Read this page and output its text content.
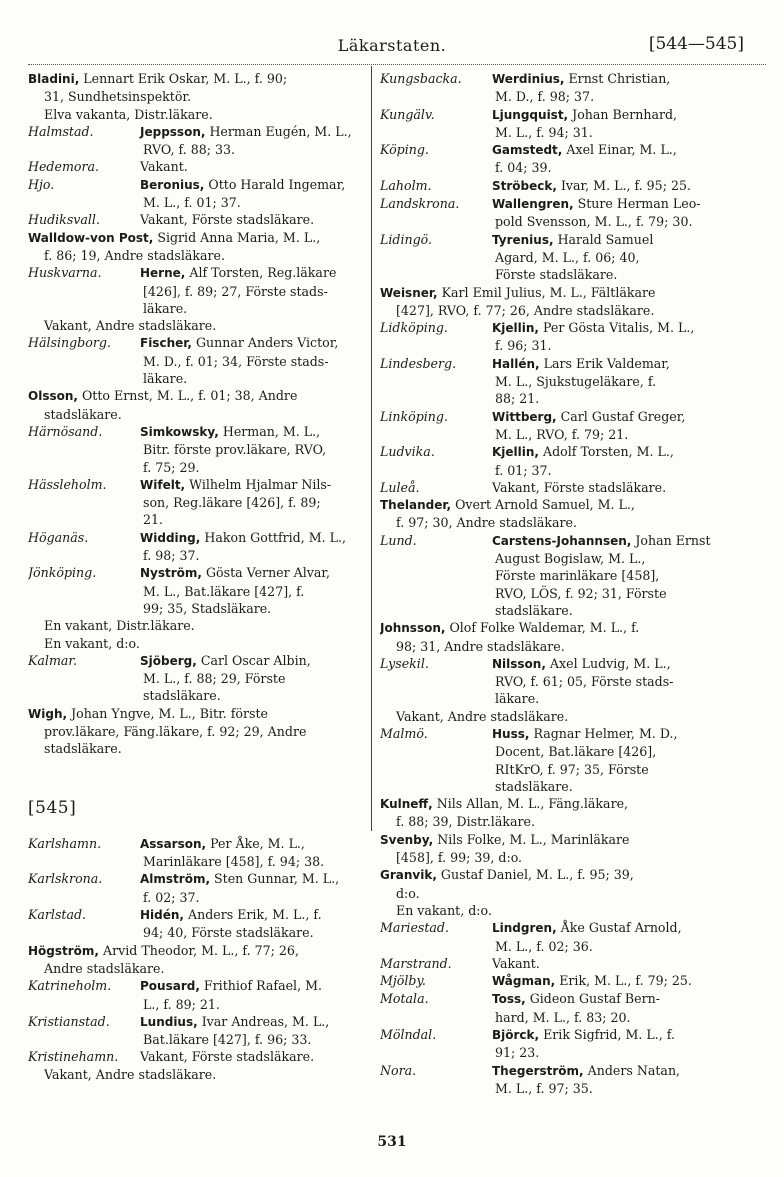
Läkarstaten.	[544—545]
Bladini, Lennart Erik Oskar, M. L., f. 90;
31, Sundhetsinspektör.
Elva vakanta, Distr.läkare.
Halmstad.	Jeppsson, Herman Eugén, M. L.,
RVO, f. 88; 33.
Hedemora.	Vakant.
Hjo.	Beronius, Otto Harald Ingemar,
M. L., f. 01; 37.
Hudiksvall.	Vakant, Förste stadsläkare.
Walldow-von Post, Sigrid Anna Maria, M. L.,
f. 86; 19, Andre stadsläkare.
Huskvarna.	Herne, Alf Torsten, Reg.läkare
[426], f. 89; 27, Förste stads-
läkare.
Vakant, Andre stadsläkare.
Hälsingborg. Fischer, Gunnar Anders Victor,
M. D., f. 01; 34, Förste stads-
läkare.
Olsson, Otto Ernst, M. L., f. 01; 38, Andre
stadsläkare.
Härnösand.	Simkowsky, Herman, M. L.,
Bitr. förste prov.läkare, RVO,
f. 75; 29.
Hässleholm.	Wifelt, Wilhelm Hjalmar Nils-
son, Reg.läkare [426], f. 89;
21.
Höganäs.	Widding, Hakon Gottfrid, M. L.,
f. 98; 37.
Jönköping.	Nyström, Gösta Verner Alvar,
M. L., Bat.läkare [427], f.
99; 35, Stadsläkare.
En vakant, Distr.läkare.
En vakant, d:o.
Kalmar.	Sjöberg, Carl Oscar Albin,
M. L., f. 88; 29, Förste
stadsläkare.
Wigh, Johan Yngve, M. L., Bitr. förste
prov.läkare, Fäng.läkare, f. 92; 29, Andre
stadsläkare.
[545]
Karlshamn.	Assarson, Per Åke, M. L.,
Marinläkare [458], f. 94; 38.
Karlskrona.	Almström, Sten Gunnar, M. L.,
f. 02; 37.
Karlstad.	Hidén, Anders Erik, M. L., f.
94; 40, Förste stadsläkare.
Högström, Arvid Theodor, M. L., f. 77; 26,
Andre stadsläkare.
Katrineholm. Pousard, Frithiof Rafael, M.
L., f. 89; 21.
Kristianstad.	Lundius, Ivar Andreas, M. L.,
Bat.läkare [427], f. 96; 33.
Kristinehamn. Vakant, Förste stadsläkare.
Vakant, Andre stadsläkare.
Kungsbacka.	Werdinius, Ernst Christian,
M. D., f. 98; 37.
Kungälv.	Ljungquist, Johan Bernhard,
M. L., f. 94; 31.
Köping.	Gamstedt, Axel Einar, M. L.,
f. 04; 39.
Laholm.	Ströbeck, Ivar, M. L., f. 95; 25.
Landskrona.	Wallengren, Sture Herman Leo-
pold Svensson, M. L., f. 79; 30.
Lidingö.	Tyrenius, Harald Samuel
Agard, M. L., f. 06; 40,
Förste stadsläkare.
Weisner, Karl Emil Julius, M. L., Fältläkare
[427], RVO, f. 77; 26, Andre stadsläkare.
Lidköping.	Kjellin, Per Gösta Vitalis, M. L.,
f. 96; 31.
Lindesberg.	Hallén, Lars Erik Valdemar,
M. L., Sjukstugeläkare, f.
88; 21.
Linköping.	Wittberg, Carl Gustaf Greger,
M. L., RVO, f. 79; 21.
Ludvika.	Kjellin, Adolf Torsten, M. L.,
f. 01; 37.
Luleå.	Vakant, Förste stadsläkare.
Thelander, Overt Arnold Samuel, M. L.,
f. 97; 30, Andre stadsläkare.
Lund.	Carstens-Johannsen, Johan Ernst
August Bogislaw, M. L.,
Förste marinläkare [458],
RVO, LÖS, f. 92; 31, Förste
stadsläkare.
Johnsson, Olof Folke Waldemar, M. L., f.
98; 31, Andre stadsläkare.
Lysekil.	Nilsson, Axel Ludvig, M. L.,
RVO, f. 61; 05, Förste stads-
läkare.
Vakant, Andre stadsläkare.
Malmö.	Huss, Ragnar Helmer, M. D.,
Docent, Bat.läkare [426],
RItKrO, f. 97; 35, Förste
stadsläkare.
Kulneff, Nils Allan, M. L., Fäng.läkare,
f. 88; 39, Distr.läkare.
Svenby, Nils Folke, M. L., Marinläkare
[458], f. 99; 39, d:o.
Granvik, Gustaf Daniel, M. L., f. 95; 39,
d:o.
En vakant, d:o.
Mariestad.	Lindgren, Åke Gustaf Arnold,
M. L., f. 02; 36.
Marstrand.	Vakant.
Mjölby.	Wågman, Erik, M. L., f. 79; 25.
Motala.	Toss, Gideon Gustaf Bern-
hard, M. L., f. 83; 20.
Mölndal.	Björck, Erik Sigfrid, M. L., f.
91; 23.
Nora.	Thegerström, Anders Natan,
M. L., f. 97; 35.
531
